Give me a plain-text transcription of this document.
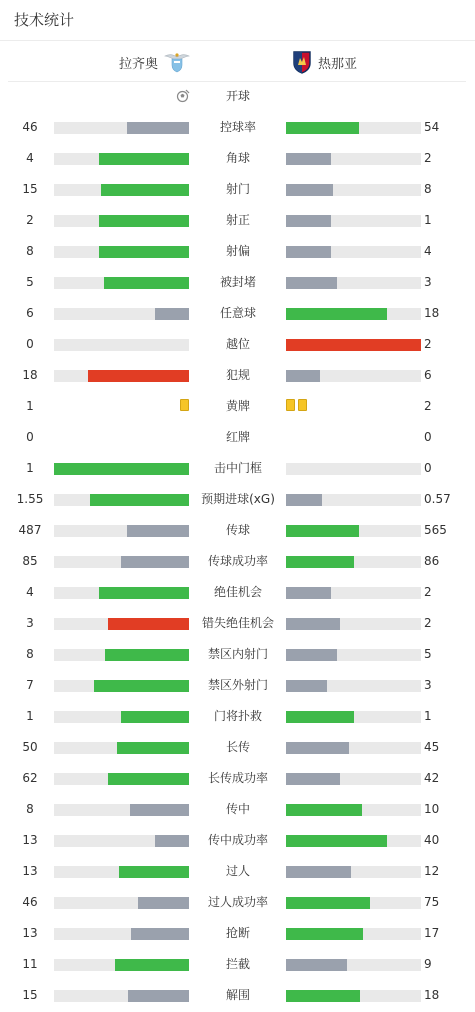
技术统计
拉齐奥	热那亚
开球
46	控球率	54
4	角球	2
15	射门	8
2	射正	1
8	射偏	4
5	被封堵	3
6	任意球	18
0	越位	2
18	犯规	6
1	黄牌	2
0	红牌	0
1	击中门框	0
1.55	预期进球(xG)	0.57
487	传球	565
85	传球成功率	86
4	绝佳机会	2
3	错失绝佳机会	2
8	禁区内射门	5
7	禁区外射门	3
1	门将扑救	1
50	长传	45
62	长传成功率	42
8	传中	10
13	传中成功率	40
13	过人	12
46	过人成功率	75
13	抢断	17
11	拦截	9
15	解围	18
